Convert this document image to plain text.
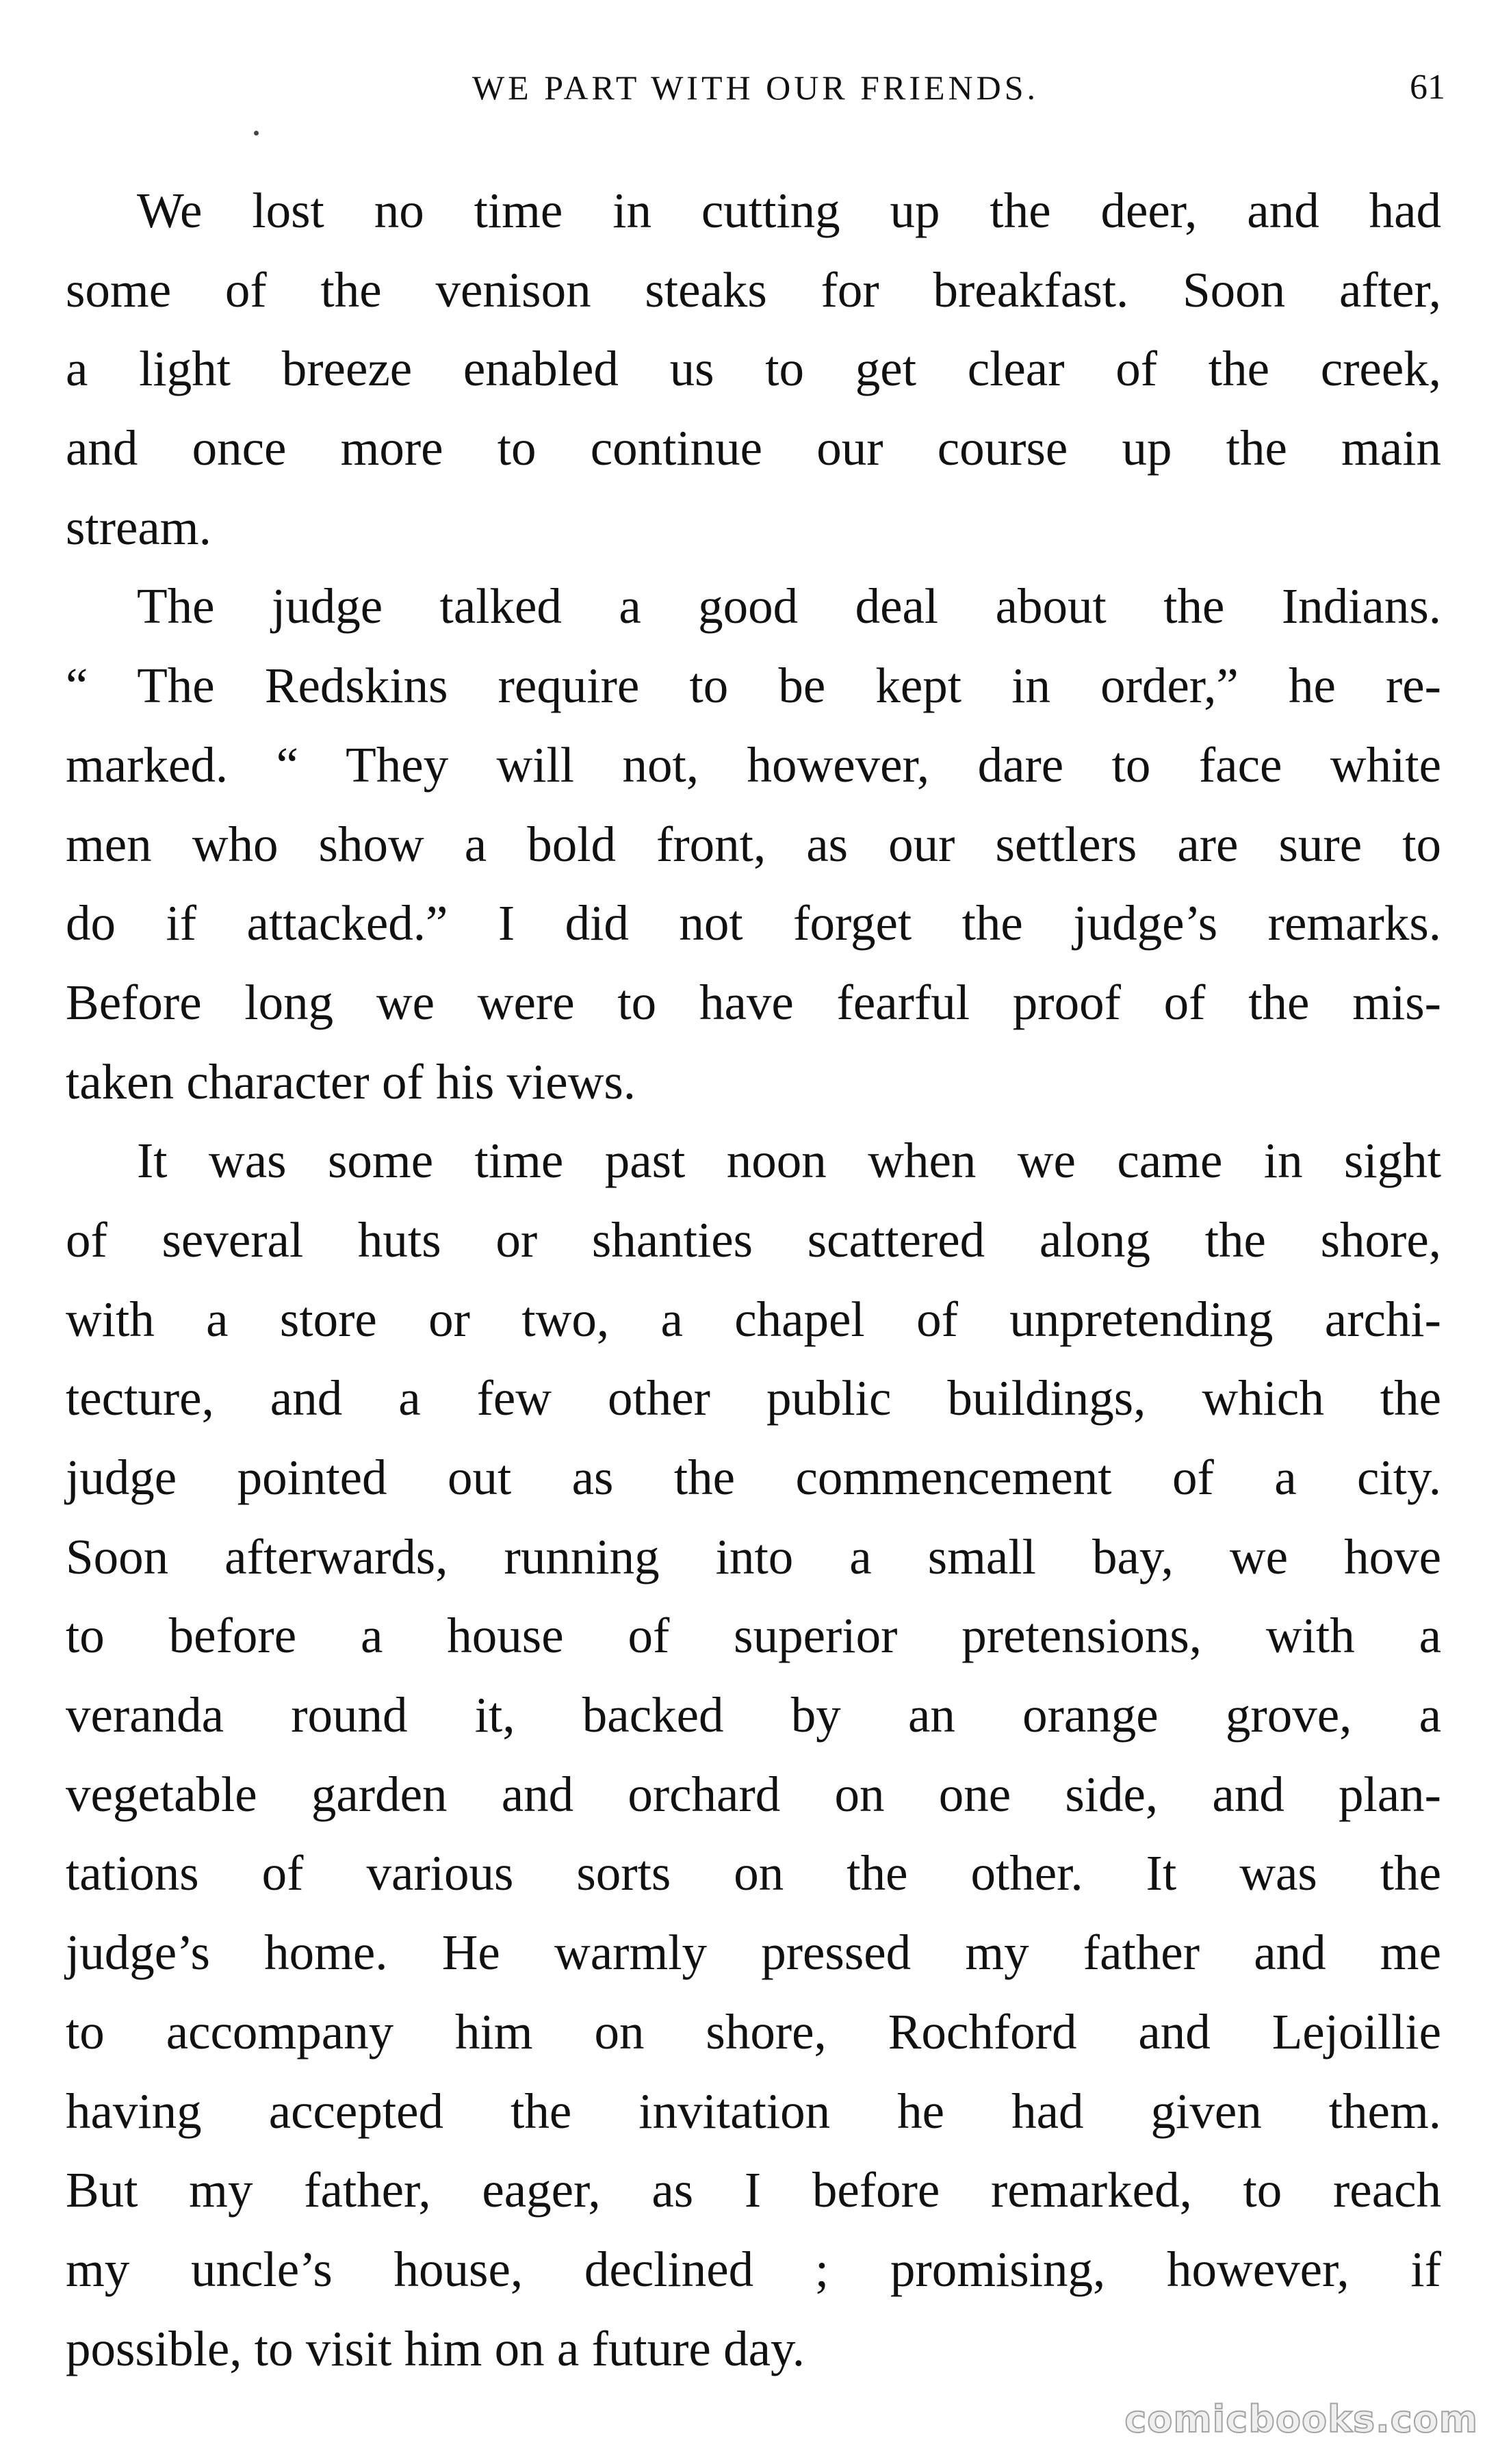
WE PART WITH OUR FRIENDS.	61
We lost no time in cutting up the deer, and had
some of the venison steaks for breakfast. Soon after,
a light breeze enabled us to get clear of the creek,
and once more to continue our course up the main
stream.
The judge talked a good deal about the Indians.
“ The Redskins require to be kept in order,” he re-
marked. “ They will not, however, dare to face white
men who show a bold front, as our settlers are sure to
do if attacked.” I did not forget the judge’s remarks.
Before long we were to have fearful proof of the mis-
taken character of his views.
It was some time past noon when we came in sight
of several huts or shanties scattered along the shore,
with a store or two, a chapel of unpretending archi-
tecture, and a few other public buildings, which the
judge pointed out as the commencement of a city.
Soon afterwards, running into a small bay, we hove
to before a house of superior pretensions, with a
veranda round it, backed by an orange grove, a
vegetable garden and orchard on one side, and plan-
tations of various sorts on the other. It was the
judge’s home. He warmly pressed my father and me
to accompany him on shore, Rochford and Lejoillie
having accepted the invitation he had given them.
But my father, eager, as I before remarked, to reach
my uncle’s house, declined ; promising, however, if
possible, to visit him on a future day.
comicbooks.com
